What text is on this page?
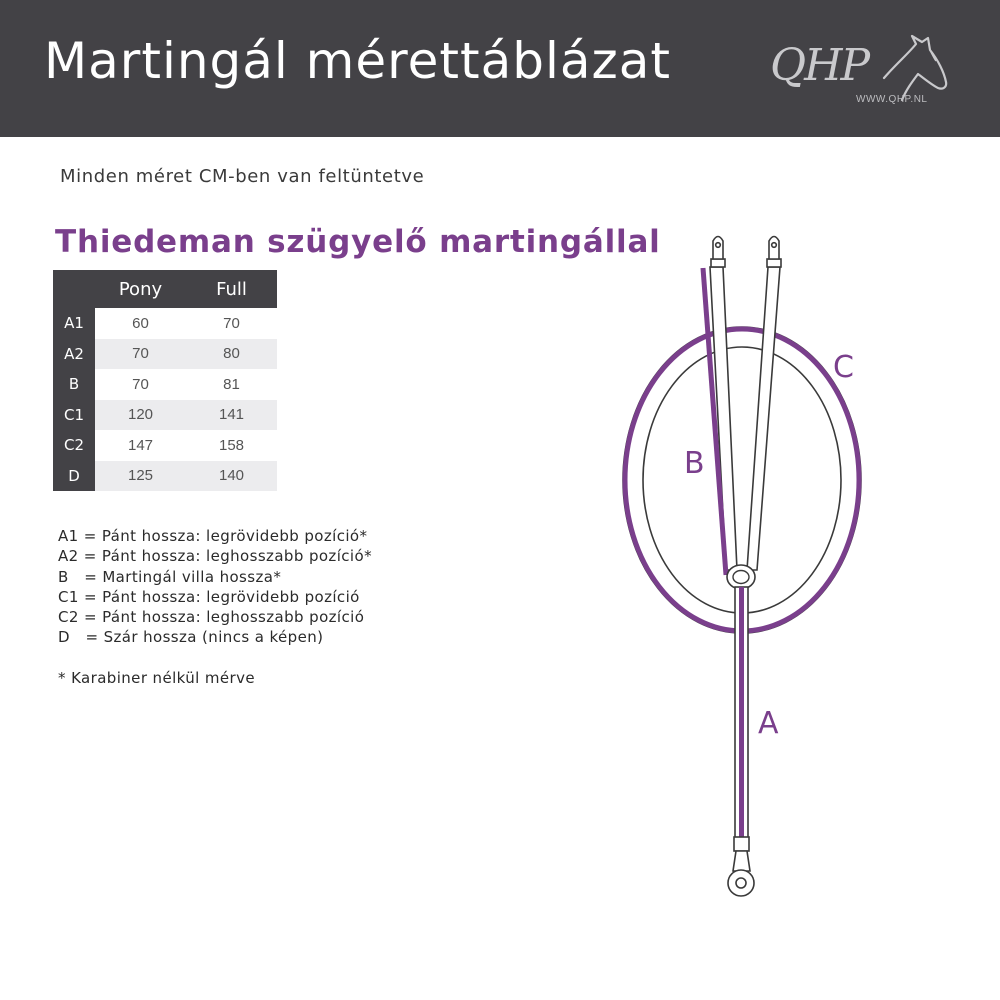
Martingál mérettáblázat QHP
WWW.QHP.NL
Minden méret CM-ben van feltüntetve
Thiedeman szügyelő martingállal
	Pony	Full
A1	60	70
A2	70	80
B	70	81
C1	120	141
C2	147	158
D	125	140
A1 = Pánt hossza: legrövidebb pozíció*
A2 = Pánt hossza: leghosszabb pozíció*
B   = Martingál villa hossza*
C1 = Pánt hossza: legrövidebb pozíció
C2 = Pánt hossza: leghosszabb pozíció
D   = Szár hossza (nincs a képen)
* Karabiner nélkül mérve
C
B
A
